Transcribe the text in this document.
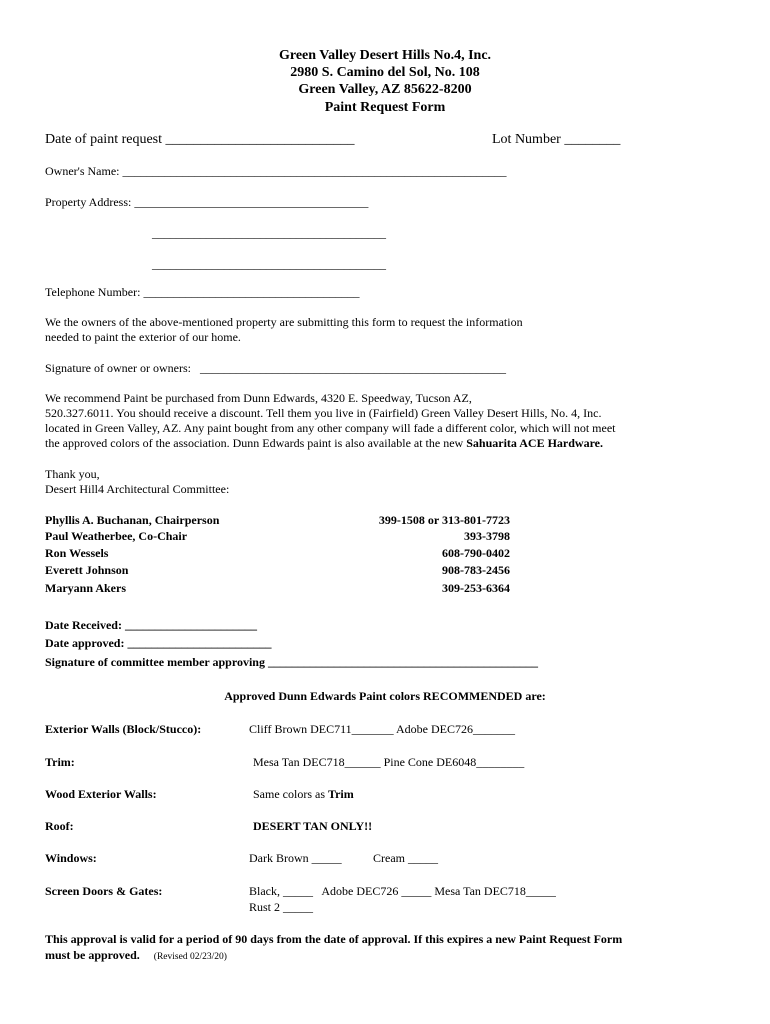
Green Valley Desert Hills No.4, Inc.
2980 S. Camino del Sol, No. 108
Green Valley, AZ 85622-8200
Paint Request Form
Date of paint request ___________________________	Lot Number ________
Owner's Name: ________________________________________________________________
Property Address: _______________________________________
_______________________________________
_______________________________________
Telephone Number: ____________________________________
We the owners of the above-mentioned property are submitting this form to request the information
needed to paint the exterior of our home.
Signature of owner or owners:   ___________________________________________________
We recommend Paint be purchased from Dunn Edwards, 4320 E. Speedway, Tucson AZ,
520.327.6011. You should receive a discount. Tell them you live in (Fairfield) Green Valley Desert Hills, No. 4, Inc.
located in Green Valley, AZ. Any paint bought from any other company will fade a different color, which will not meet
the approved colors of the association. Dunn Edwards paint is also available at the new Sahuarita ACE Hardware.
Thank you,
Desert Hill4 Architectural Committee:
Phyllis A. Buchanan, Chairperson	399-1508 or 313-801-7723
Paul Weatherbee, Co-Chair	393-3798
Ron Wessels	608-790-0402
Everett Johnson	908-783-2456
Maryann Akers	309-253-6364
Date Received: ______________________
Date approved: ________________________
Signature of committee member approving _____________________________________________
Approved Dunn Edwards Paint colors RECOMMENDED are:
Exterior Walls (Block/Stucco):	Cliff Brown DEC711_______ Adobe DEC726_______
Trim:	Mesa Tan DEC718______ Pine Cone DE6048________
Wood Exterior Walls:	Same colors as Trim
Roof:	DESERT TAN ONLY!!
Windows:	Dark Brown _____	Cream _____
Screen Doors & Gates:	Black, _____   Adobe DEC726 _____ Mesa Tan DEC718_____
Rust 2 _____
This approval is valid for a period of 90 days from the date of approval. If this expires a new Paint Request Form
must be approved. (Revised 02/23/20)
